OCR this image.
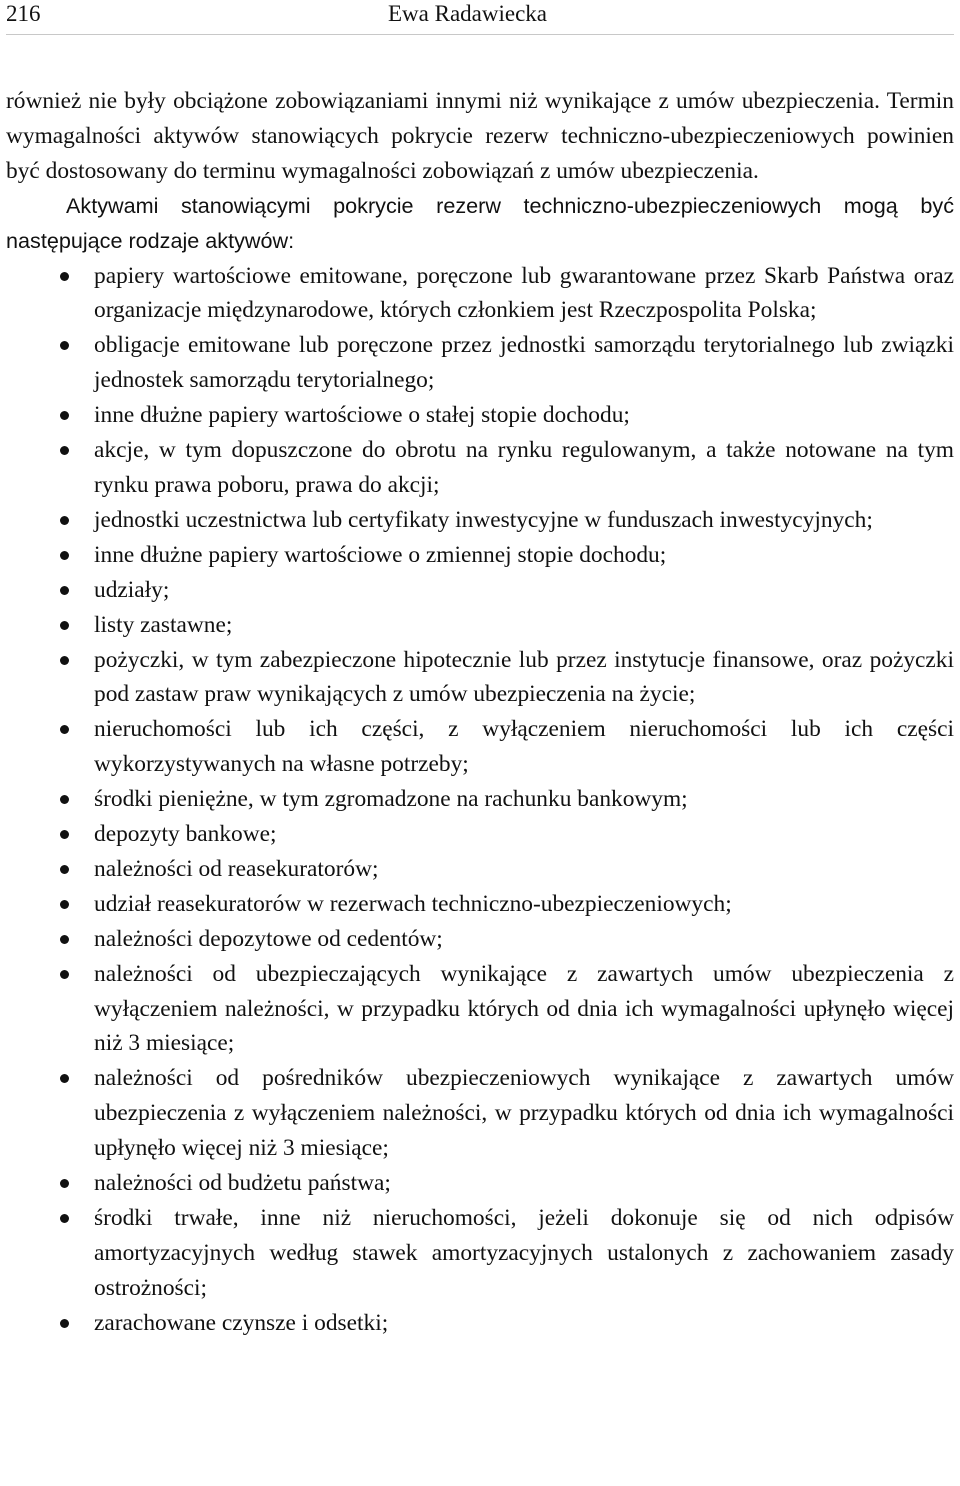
216	Ewa Radawiecka

również nie były obciążone zobowiązaniami innymi niż wynikające z umów ubezpieczenia. Termin wymagalności aktywów stanowiących pokrycie rezerw techniczno-ubezpieczeniowych powinien być dostosowany do terminu wymagalności zobowiązań z umów ubezpieczenia.

Aktywami stanowiącymi pokrycie rezerw techniczno-ubezpieczeniowych mogą być następujące rodzaje aktywów:

papiery wartościowe emitowane, poręczone lub gwarantowane przez Skarb Państwa oraz organizacje międzynarodowe, których członkiem jest Rzeczpospolita Polska;
obligacje emitowane lub poręczone przez jednostki samorządu terytorialnego lub związki jednostek samorządu terytorialnego;
inne dłużne papiery wartościowe o stałej stopie dochodu;
akcje, w tym dopuszczone do obrotu na rynku regulowanym, a także notowane na tym rynku prawa poboru, prawa do akcji;
jednostki uczestnictwa lub certyfikaty inwestycyjne w funduszach inwestycyjnych;
inne dłużne papiery wartościowe o zmiennej stopie dochodu;
udziały;
listy zastawne;
pożyczki, w tym zabezpieczone hipotecznie lub przez instytucje finansowe, oraz pożyczki pod zastaw praw wynikających z umów ubezpieczenia na życie;
nieruchomości lub ich części, z wyłączeniem nieruchomości lub ich części wykorzystywanych na własne potrzeby;
środki pieniężne, w tym zgromadzone na rachunku bankowym;
depozyty bankowe;
należności od reasekuratorów;
udział reasekuratorów w rezerwach techniczno-ubezpieczeniowych;
należności depozytowe od cedentów;
należności od ubezpieczających wynikające z zawartych umów ubezpieczenia z wyłączeniem należności, w przypadku których od dnia ich wymagalności upłynęło więcej niż 3 miesiące;
należności od pośredników ubezpieczeniowych wynikające z zawartych umów ubezpieczenia z wyłączeniem należności, w przypadku których od dnia ich wymagalności upłynęło więcej niż 3 miesiące;
należności od budżetu państwa;
środki trwałe, inne niż nieruchomości, jeżeli dokonuje się od nich odpisów amortyzacyjnych według stawek amortyzacyjnych ustalonych z zachowaniem zasady ostrożności;
zarachowane czynsze i odsetki;
